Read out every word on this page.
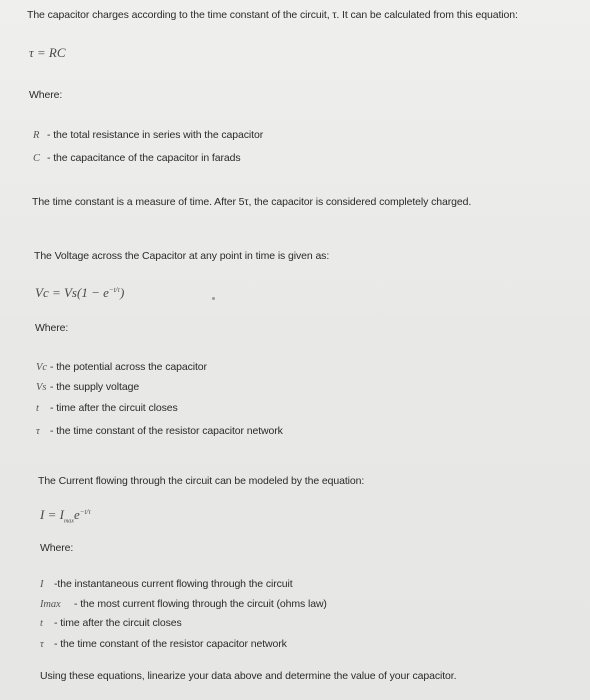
The capacitor charges according to the time constant of the circuit, τ. It can be calculated from this equation:
τ = RC
Where:
R - the total resistance in series with the capacitor
C - the capacitance of the capacitor in farads
The time constant is a measure of time. After 5τ, the capacitor is considered completely charged.
The Voltage across the Capacitor at any point in time is given as:
$Vc = Vs(1 - e^{-t/\tau})$
Where:
Vc - the potential across the capacitor
Vs - the supply voltage
t - time after the circuit closes
τ - the time constant of the resistor capacitor network
The Current flowing through the circuit can be modeled by the equation:
$I = I_{max}e^{-t/\tau}$
Where:
I -the instantaneous current flowing through the circuit
Imax - the most current flowing through the circuit (ohms law)
t - time after the circuit closes
τ - the time constant of the resistor capacitor network
Using these equations, linearize your data above and determine the value of your capacitor.
